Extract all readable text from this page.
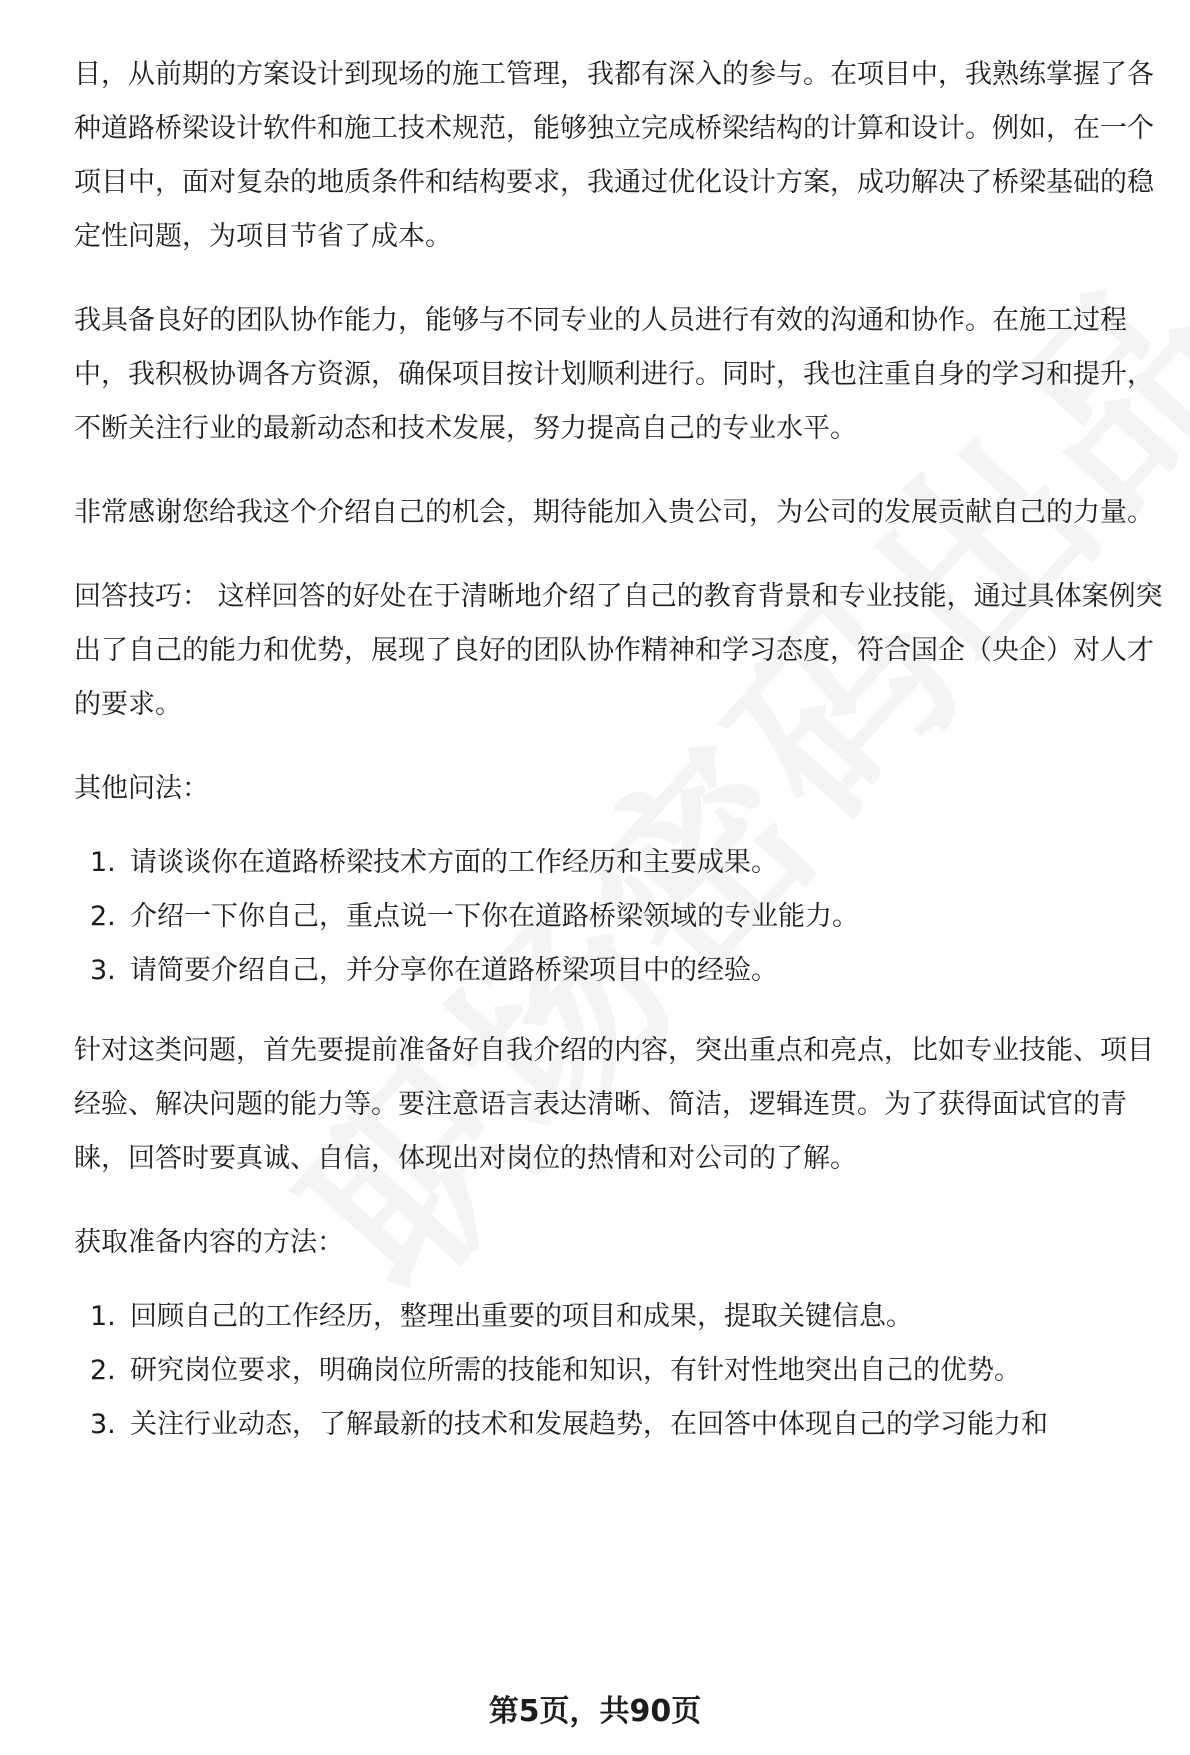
目，从前期的方案设计到现场的施工管理，我都有深入的参与。在项目中，我熟练掌握了各种道路桥梁设计软件和施工技术规范，能够独立完成桥梁结构的计算和设计。例如，在一个项目中，面对复杂的地质条件和结构要求，我通过优化设计方案，成功解决了桥梁基础的稳定性问题，为项目节省了成本。

我具备良好的团队协作能力，能够与不同专业的人员进行有效的沟通和协作。在施工过程中，我积极协调各方资源，确保项目按计划顺利进行。同时，我也注重自身的学习和提升，不断关注行业的最新动态和技术发展，努力提高自己的专业水平。

非常感谢您给我这个介绍自己的机会，期待能加入贵公司，为公司的发展贡献自己的力量。

回答技巧： 这样回答的好处在于清晰地介绍了自己的教育背景和专业技能，通过具体案例突出了自己的能力和优势，展现了良好的团队协作精神和学习态度，符合国企（央企）对人才的要求。

其他问法：

1. 请谈谈你在道路桥梁技术方面的工作经历和主要成果。
2. 介绍一下你自己，重点说一下你在道路桥梁领域的专业能力。
3. 请简要介绍自己，并分享你在道路桥梁项目中的经验。

针对这类问题，首先要提前准备好自我介绍的内容，突出重点和亮点，比如专业技能、项目经验、解决问题的能力等。要注意语言表达清晰、简洁，逻辑连贯。为了获得面试官的青睐，回答时要真诚、自信，体现出对岗位的热情和对公司的了解。

获取准备内容的方法：

1. 回顾自己的工作经历，整理出重要的项目和成果，提取关键信息。
2. 研究岗位要求，明确岗位所需的技能和知识，有针对性地突出自己的优势。
3. 关注行业动态，了解最新的技术和发展趋势，在回答中体现自己的学习能力和
第5页，共90页
